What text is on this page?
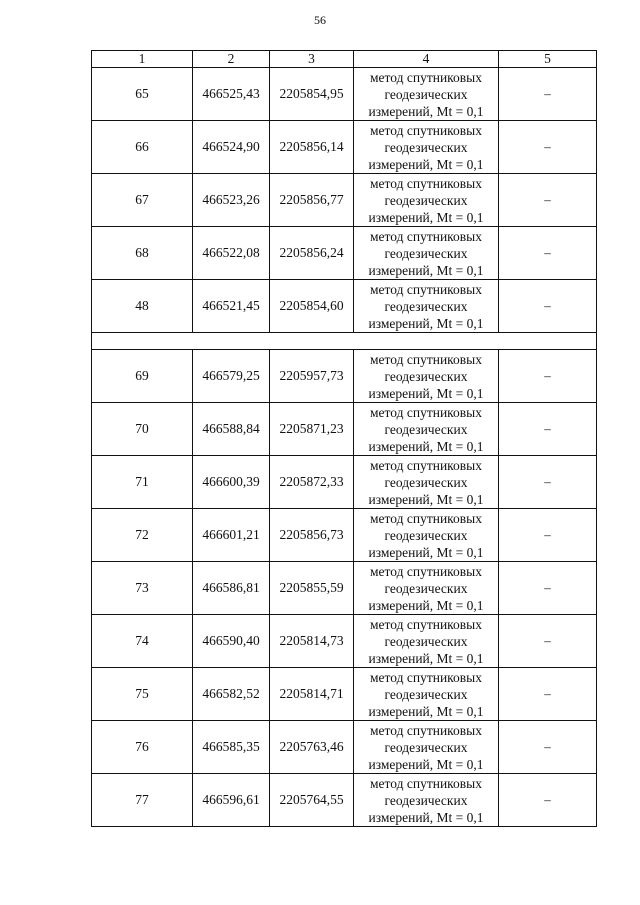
56
1	2	3	4	5
65	466525,43	2205854,95	метод спутниковых
геодезических
измерений, Mt = 0,1	–
66	466524,90	2205856,14	метод спутниковых
геодезических
измерений, Mt = 0,1	–
67	466523,26	2205856,77	метод спутниковых
геодезических
измерений, Mt = 0,1	–
68	466522,08	2205856,24	метод спутниковых
геодезических
измерений, Mt = 0,1	–
48	466521,45	2205854,60	метод спутниковых
геодезических
измерений, Mt = 0,1	–

69	466579,25	2205957,73	метод спутниковых
геодезических
измерений, Mt = 0,1	–
70	466588,84	2205871,23	метод спутниковых
геодезических
измерений, Mt = 0,1	–
71	466600,39	2205872,33	метод спутниковых
геодезических
измерений, Mt = 0,1	–
72	466601,21	2205856,73	метод спутниковых
геодезических
измерений, Mt = 0,1	–
73	466586,81	2205855,59	метод спутниковых
геодезических
измерений, Mt = 0,1	–
74	466590,40	2205814,73	метод спутниковых
геодезических
измерений, Mt = 0,1	–
75	466582,52	2205814,71	метод спутниковых
геодезических
измерений, Mt = 0,1	–
76	466585,35	2205763,46	метод спутниковых
геодезических
измерений, Mt = 0,1	–
77	466596,61	2205764,55	метод спутниковых
геодезических
измерений, Mt = 0,1	–
